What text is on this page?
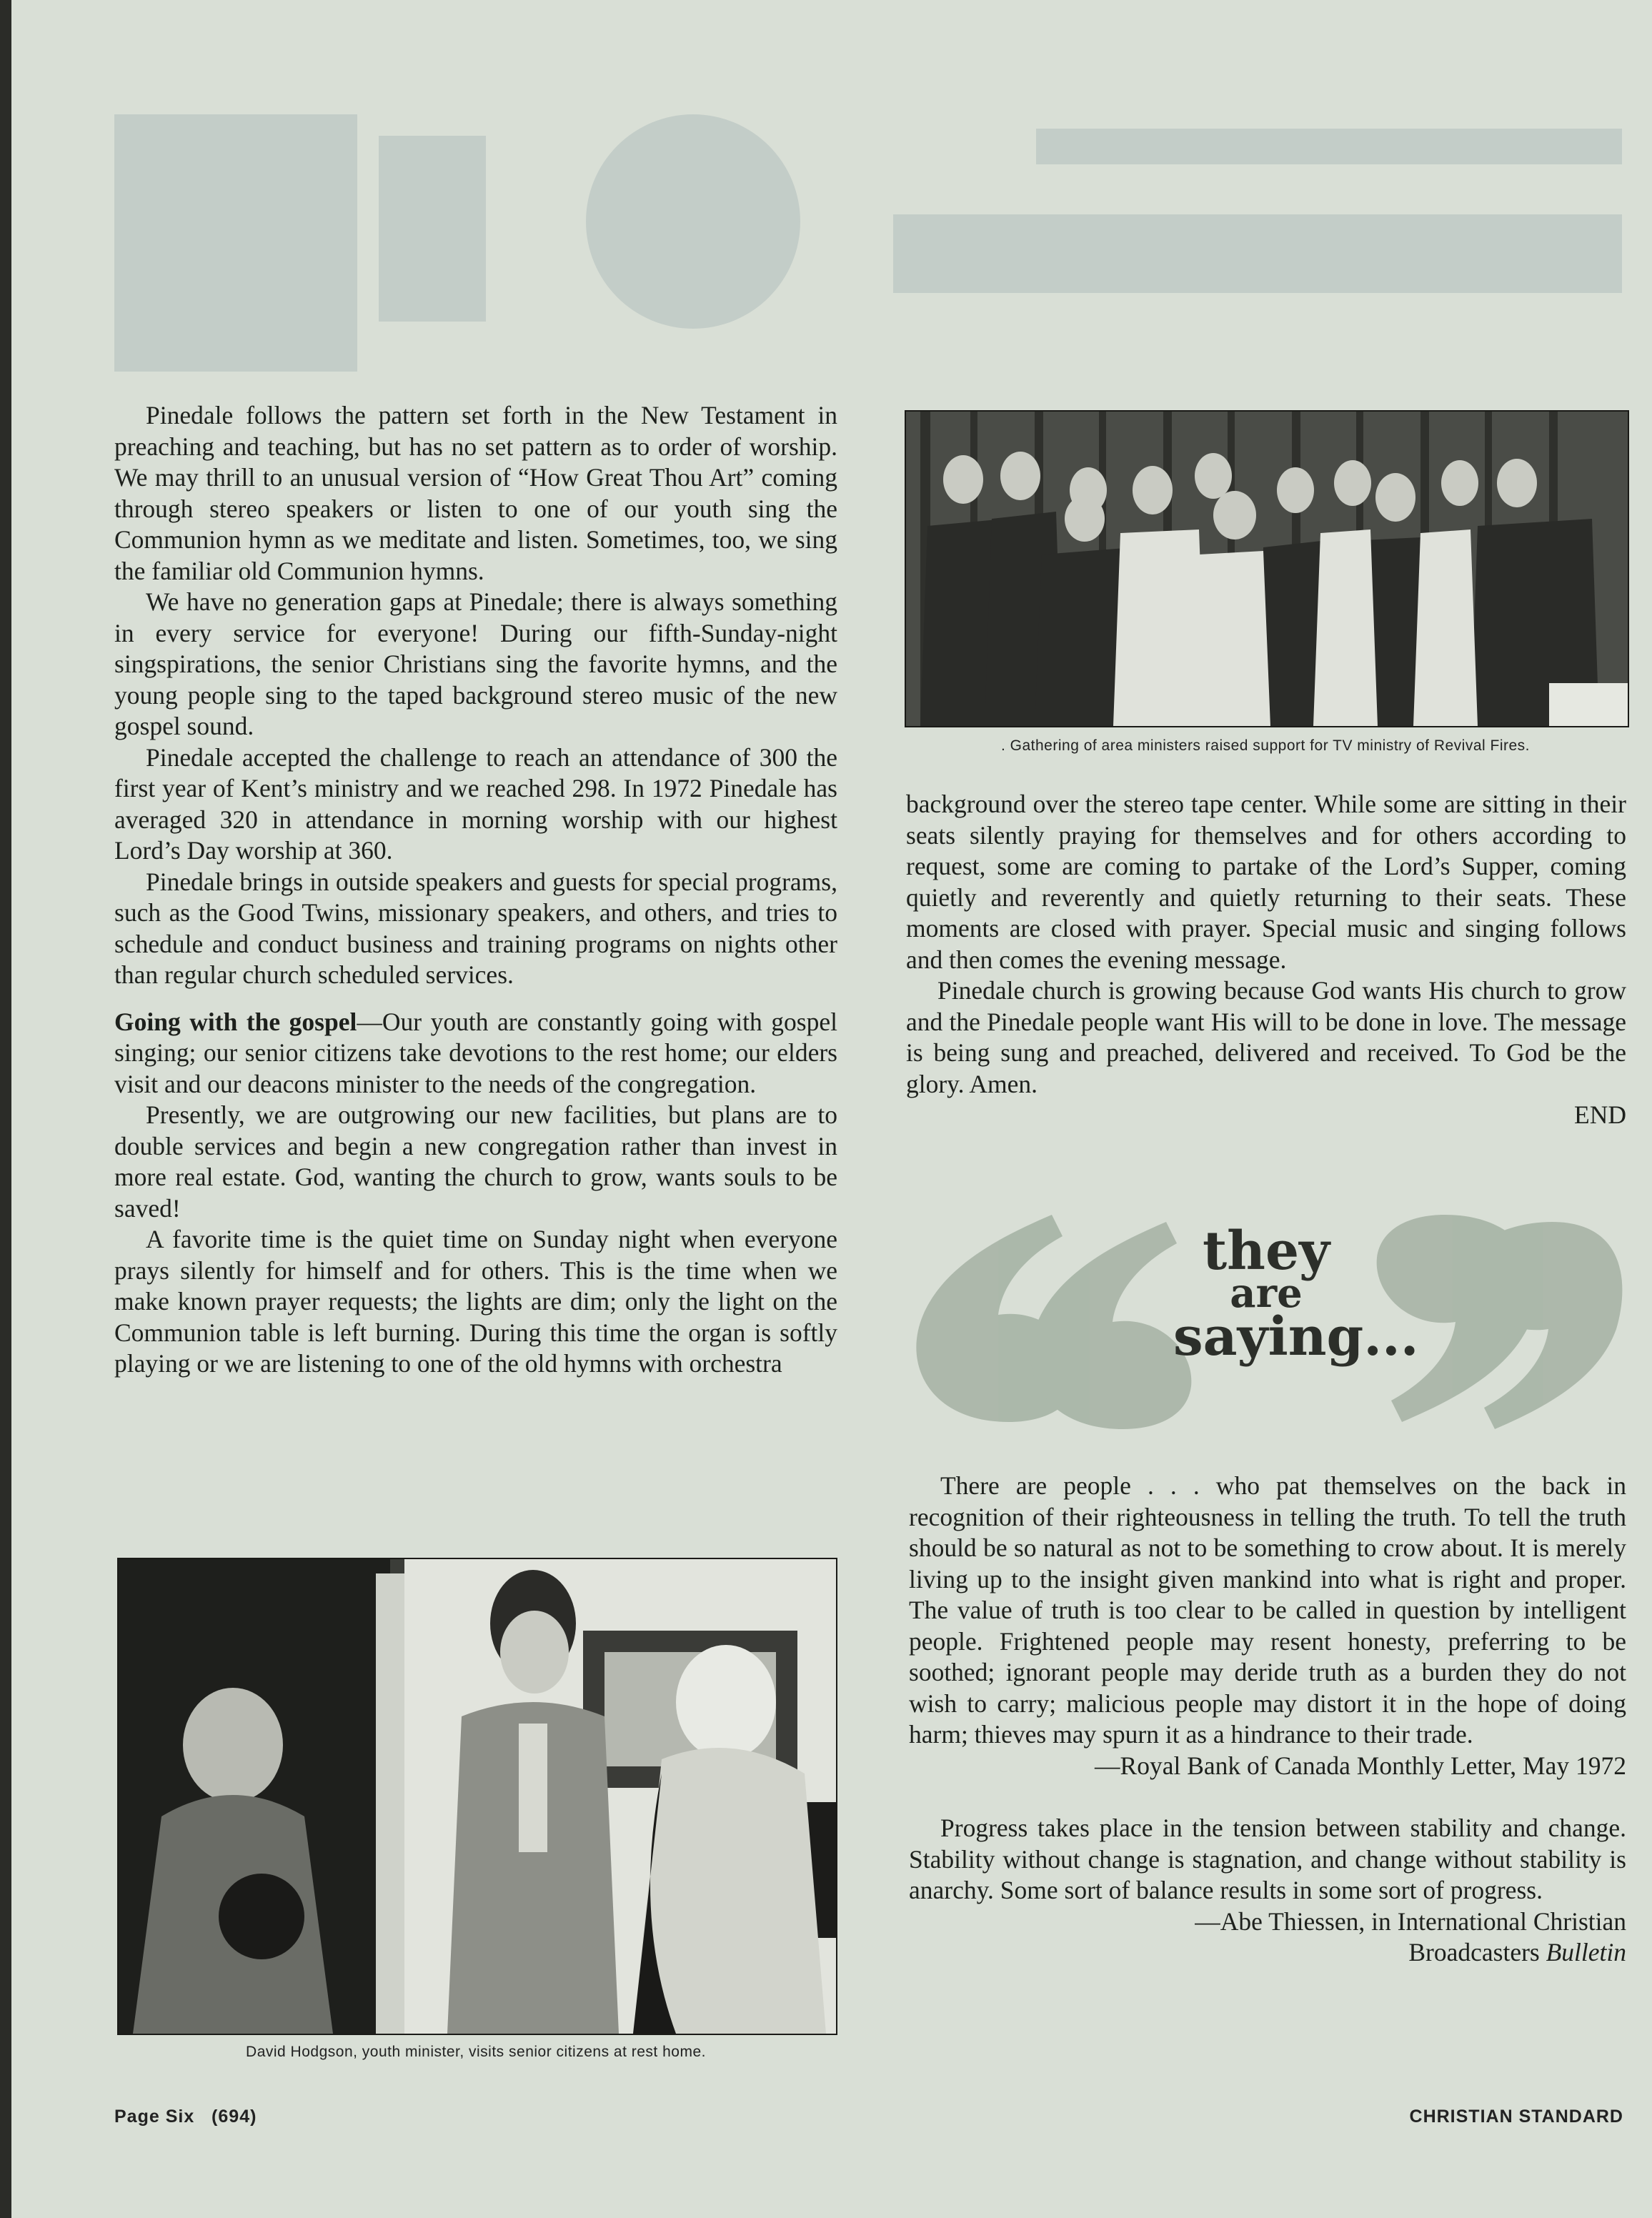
Pinedale follows the pattern set forth in the New Testament in preaching and teaching, but has no set pattern as to order of worship. We may thrill to an unusual version of “How Great Thou Art” coming through stereo speakers or listen to one of our youth sing the Communion hymn as we meditate and listen. Sometimes, too, we sing the familiar old Communion hymns.

We have no generation gaps at Pinedale; there is always something in every service for everyone! During our fifth-Sunday-night singspirations, the senior Christians sing the favorite hymns, and the young people sing to the taped background stereo music of the new gospel sound.

Pinedale accepted the challenge to reach an attendance of 300 the first year of Kent’s ministry and we reached 298. In 1972 Pinedale has averaged 320 in attendance in morning worship with our highest Lord’s Day worship at 360.

Pinedale brings in outside speakers and guests for special programs, such as the Good Twins, missionary speakers, and others, and tries to schedule and conduct business and training programs on nights other than regular church scheduled services.

Going with the gospel—Our youth are constantly going with gospel singing; our senior citizens take devotions to the rest home; our elders visit and our deacons minister to the needs of the congregation.

Presently, we are outgrowing our new facilities, but plans are to double services and begin a new congregation rather than invest in more real estate. God, wanting the church to grow, wants souls to be saved!

A favorite time is the quiet time on Sunday night when everyone prays silently for himself and for others. This is the time when we make known prayer requests; the lights are dim; only the light on the Communion table is left burning. During this time the organ is softly playing or we are listening to one of the old hymns with orchestra

David Hodgson, youth minister, visits senior citizens at rest home.
. Gathering of area ministers raised support for TV ministry of Revival Fires.

background over the stereo tape center. While some are sitting in their seats silently praying for themselves and for others according to request, some are coming to partake of the Lord’s Supper, coming quietly and reverently and quietly returning to their seats. These moments are closed with prayer. Special music and singing follows and then comes the evening message.

Pinedale church is growing because God wants His church to grow and the Pinedale people want His will to be done in love. The message is being sung and preached, delivered and received. To God be the glory. Amen.

END
they
are
saying...

There are people . . . who pat themselves on the back in recognition of their righteousness in telling the truth. To tell the truth should be so natural as not to be something to crow about. It is merely living up to the insight given mankind into what is right and proper. The value of truth is too clear to be called in question by intelligent people. Frightened people may resent honesty, preferring to be soothed; ignorant people may deride truth as a burden they do not wish to carry; malicious people may distort it in the hope of doing harm; thieves may spurn it as a hindrance to their trade.

—Royal Bank of Canada Monthly Letter, May 1972

Progress takes place in the tension between stability and change. Stability without change is stagnation, and change without stability is anarchy. Some sort of balance results in some sort of progress.

—Abe Thiessen, in International Christian

Broadcasters Bulletin

Page Six   (694)	CHRISTIAN STANDARD
